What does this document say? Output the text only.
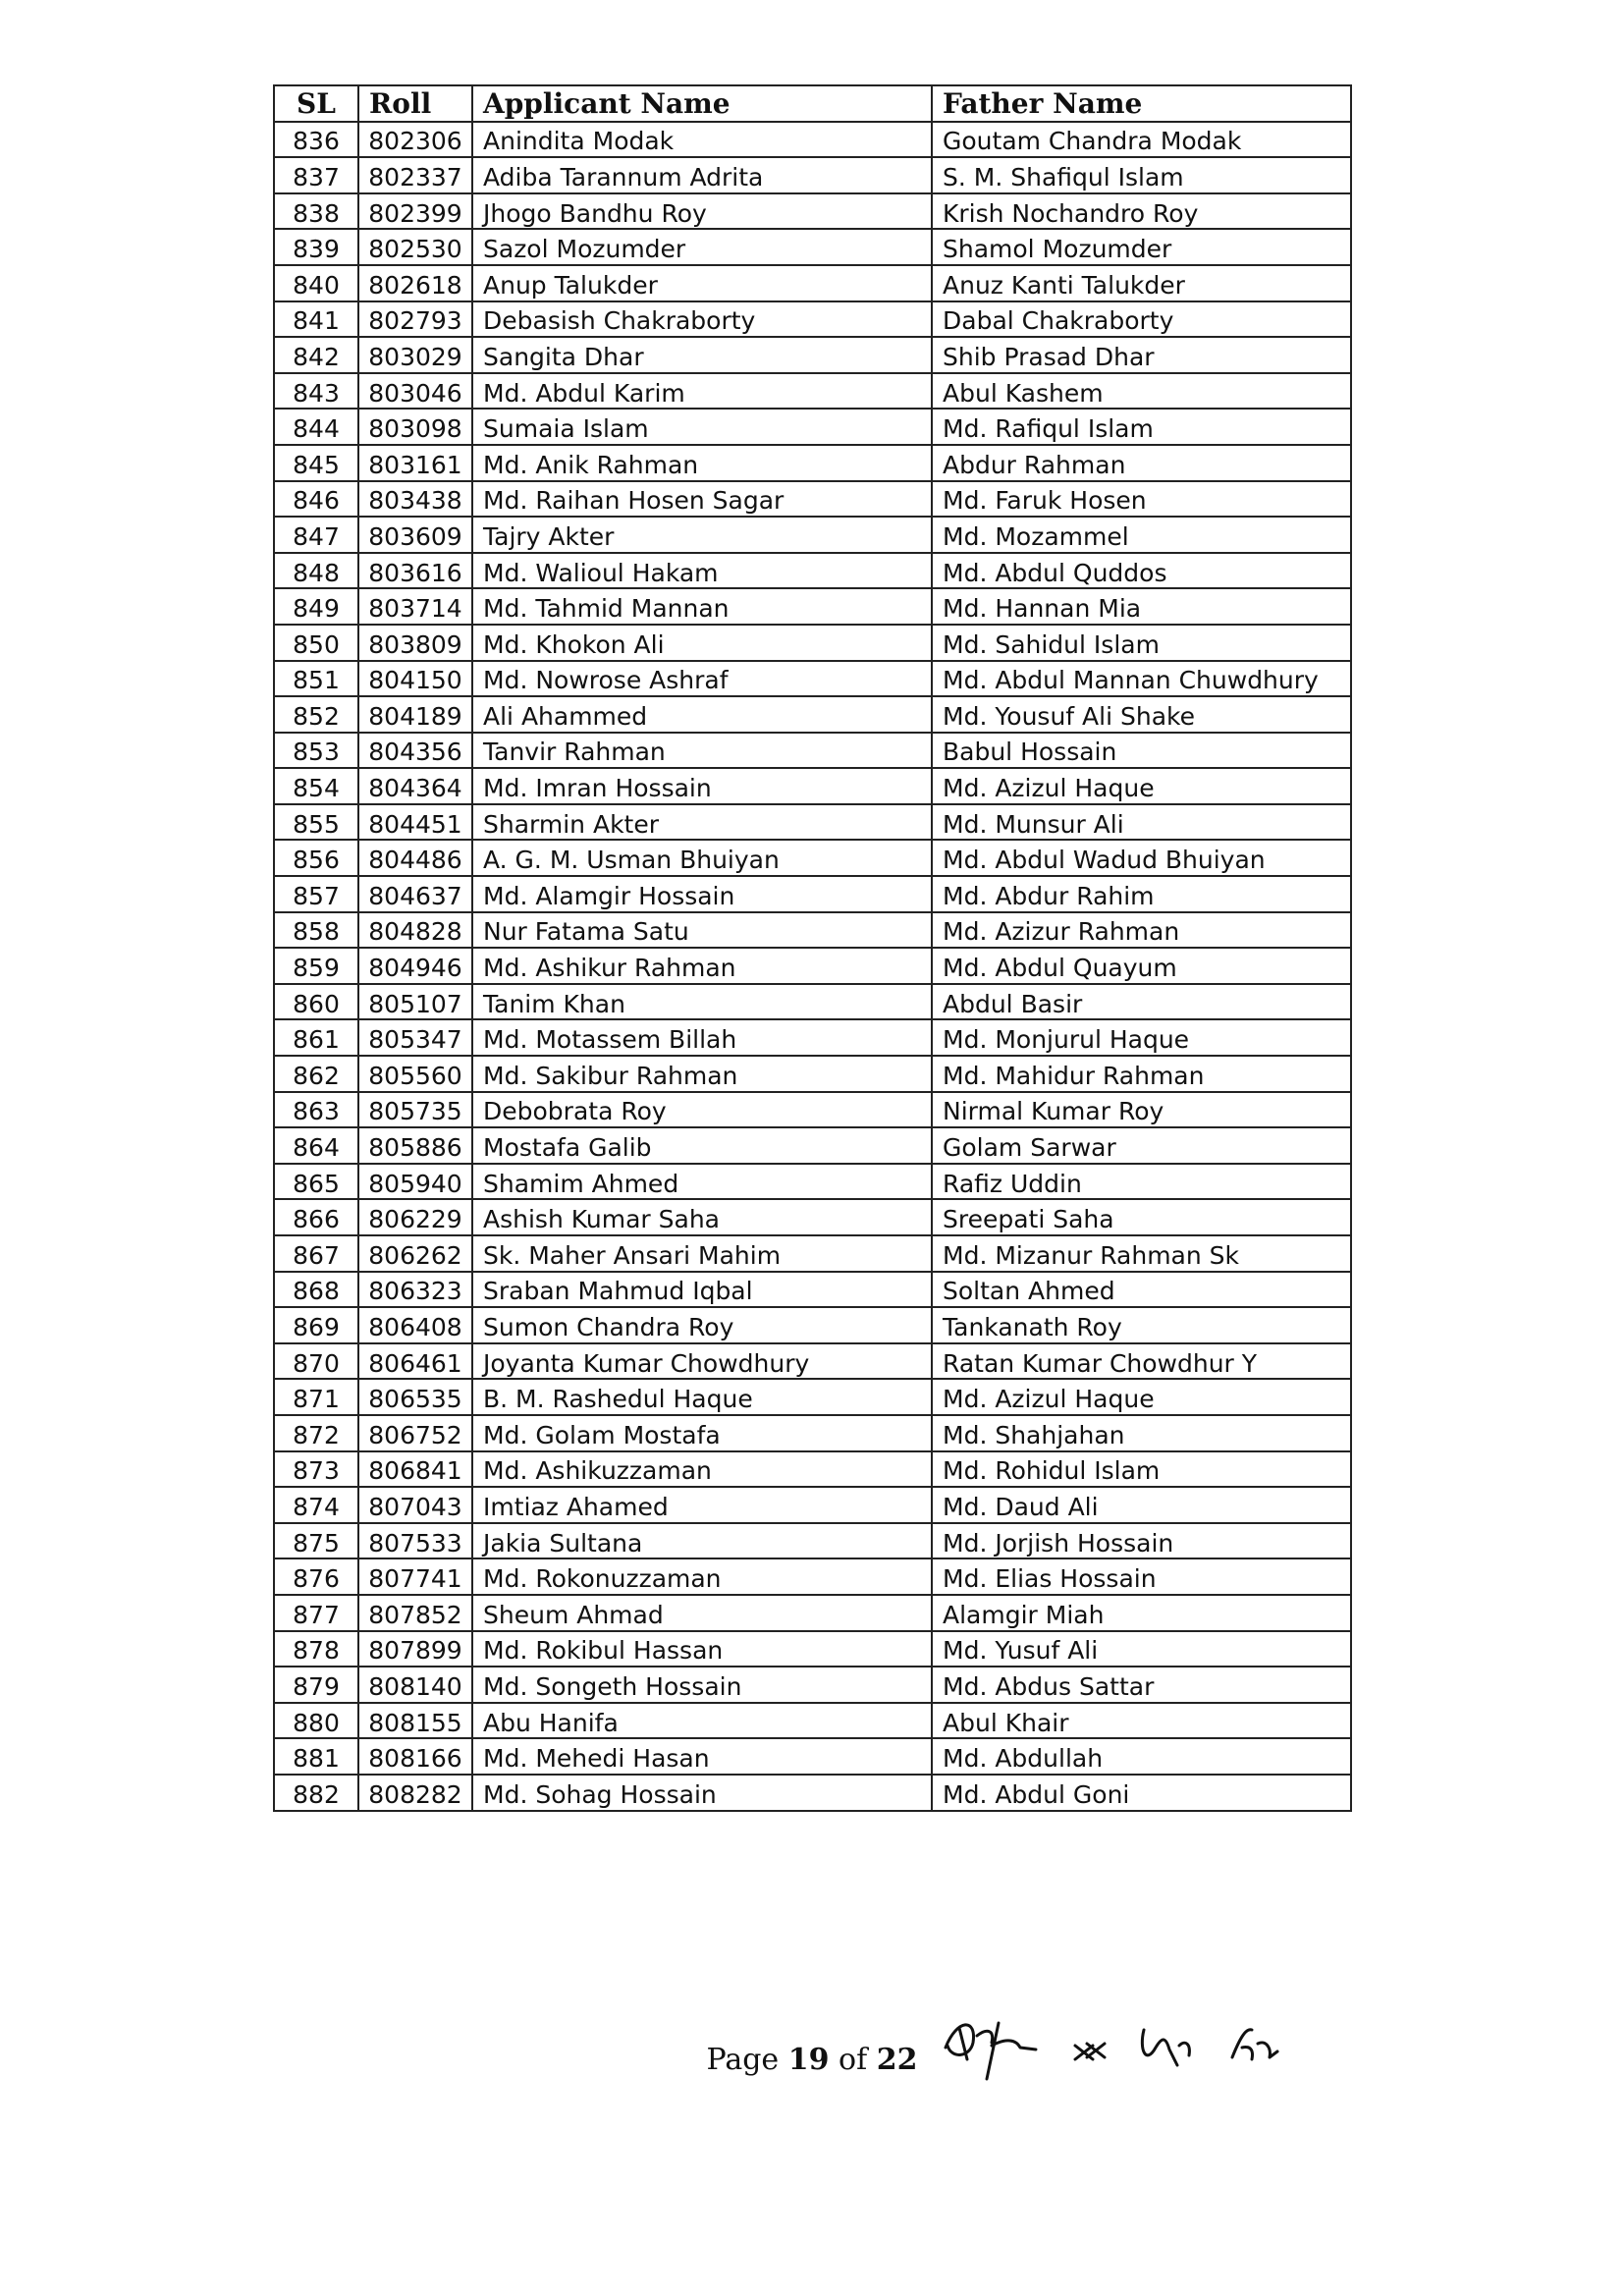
SL	Roll	Applicant Name	Father Name
836	802306	Anindita Modak	Goutam Chandra Modak
837	802337	Adiba Tarannum Adrita	S. M. Shafiqul Islam
838	802399	Jhogo Bandhu Roy	Krish Nochandro Roy
839	802530	Sazol Mozumder	Shamol Mozumder
840	802618	Anup Talukder	Anuz Kanti Talukder
841	802793	Debasish Chakraborty	Dabal Chakraborty
842	803029	Sangita Dhar	Shib Prasad Dhar
843	803046	Md. Abdul Karim	Abul Kashem
844	803098	Sumaia Islam	Md. Rafiqul Islam
845	803161	Md. Anik Rahman	Abdur Rahman
846	803438	Md. Raihan Hosen Sagar	Md. Faruk Hosen
847	803609	Tajry Akter	Md. Mozammel
848	803616	Md. Walioul Hakam	Md. Abdul Quddos
849	803714	Md. Tahmid Mannan	Md. Hannan Mia
850	803809	Md. Khokon Ali	Md. Sahidul Islam
851	804150	Md. Nowrose Ashraf	Md. Abdul Mannan Chuwdhury
852	804189	Ali Ahammed	Md. Yousuf Ali Shake
853	804356	Tanvir Rahman	Babul Hossain
854	804364	Md. Imran Hossain	Md. Azizul Haque
855	804451	Sharmin Akter	Md. Munsur Ali
856	804486	A. G. M. Usman Bhuiyan	Md. Abdul Wadud Bhuiyan
857	804637	Md. Alamgir Hossain	Md. Abdur Rahim
858	804828	Nur Fatama Satu	Md. Azizur Rahman
859	804946	Md. Ashikur Rahman	Md. Abdul Quayum
860	805107	Tanim Khan	Abdul Basir
861	805347	Md. Motassem Billah	Md. Monjurul Haque
862	805560	Md. Sakibur Rahman	Md. Mahidur Rahman
863	805735	Debobrata Roy	Nirmal Kumar Roy
864	805886	Mostafa Galib	Golam Sarwar
865	805940	Shamim Ahmed	Rafiz Uddin
866	806229	Ashish Kumar Saha	Sreepati Saha
867	806262	Sk. Maher Ansari Mahim	Md. Mizanur Rahman Sk
868	806323	Sraban Mahmud Iqbal	Soltan Ahmed
869	806408	Sumon Chandra Roy	Tankanath Roy
870	806461	Joyanta Kumar Chowdhury	Ratan Kumar Chowdhur Y
871	806535	B. M. Rashedul Haque	Md. Azizul Haque
872	806752	Md. Golam Mostafa	Md. Shahjahan
873	806841	Md. Ashikuzzaman	Md. Rohidul Islam
874	807043	Imtiaz Ahamed	Md. Daud Ali
875	807533	Jakia Sultana	Md. Jorjish Hossain
876	807741	Md. Rokonuzzaman	Md. Elias Hossain
877	807852	Sheum Ahmad	Alamgir Miah
878	807899	Md. Rokibul Hassan	Md. Yusuf Ali
879	808140	Md. Songeth Hossain	Md. Abdus Sattar
880	808155	Abu Hanifa	Abul Khair
881	808166	Md. Mehedi Hasan	Md. Abdullah
882	808282	Md. Sohag Hossain	Md. Abdul Goni
Page 19 of 22
